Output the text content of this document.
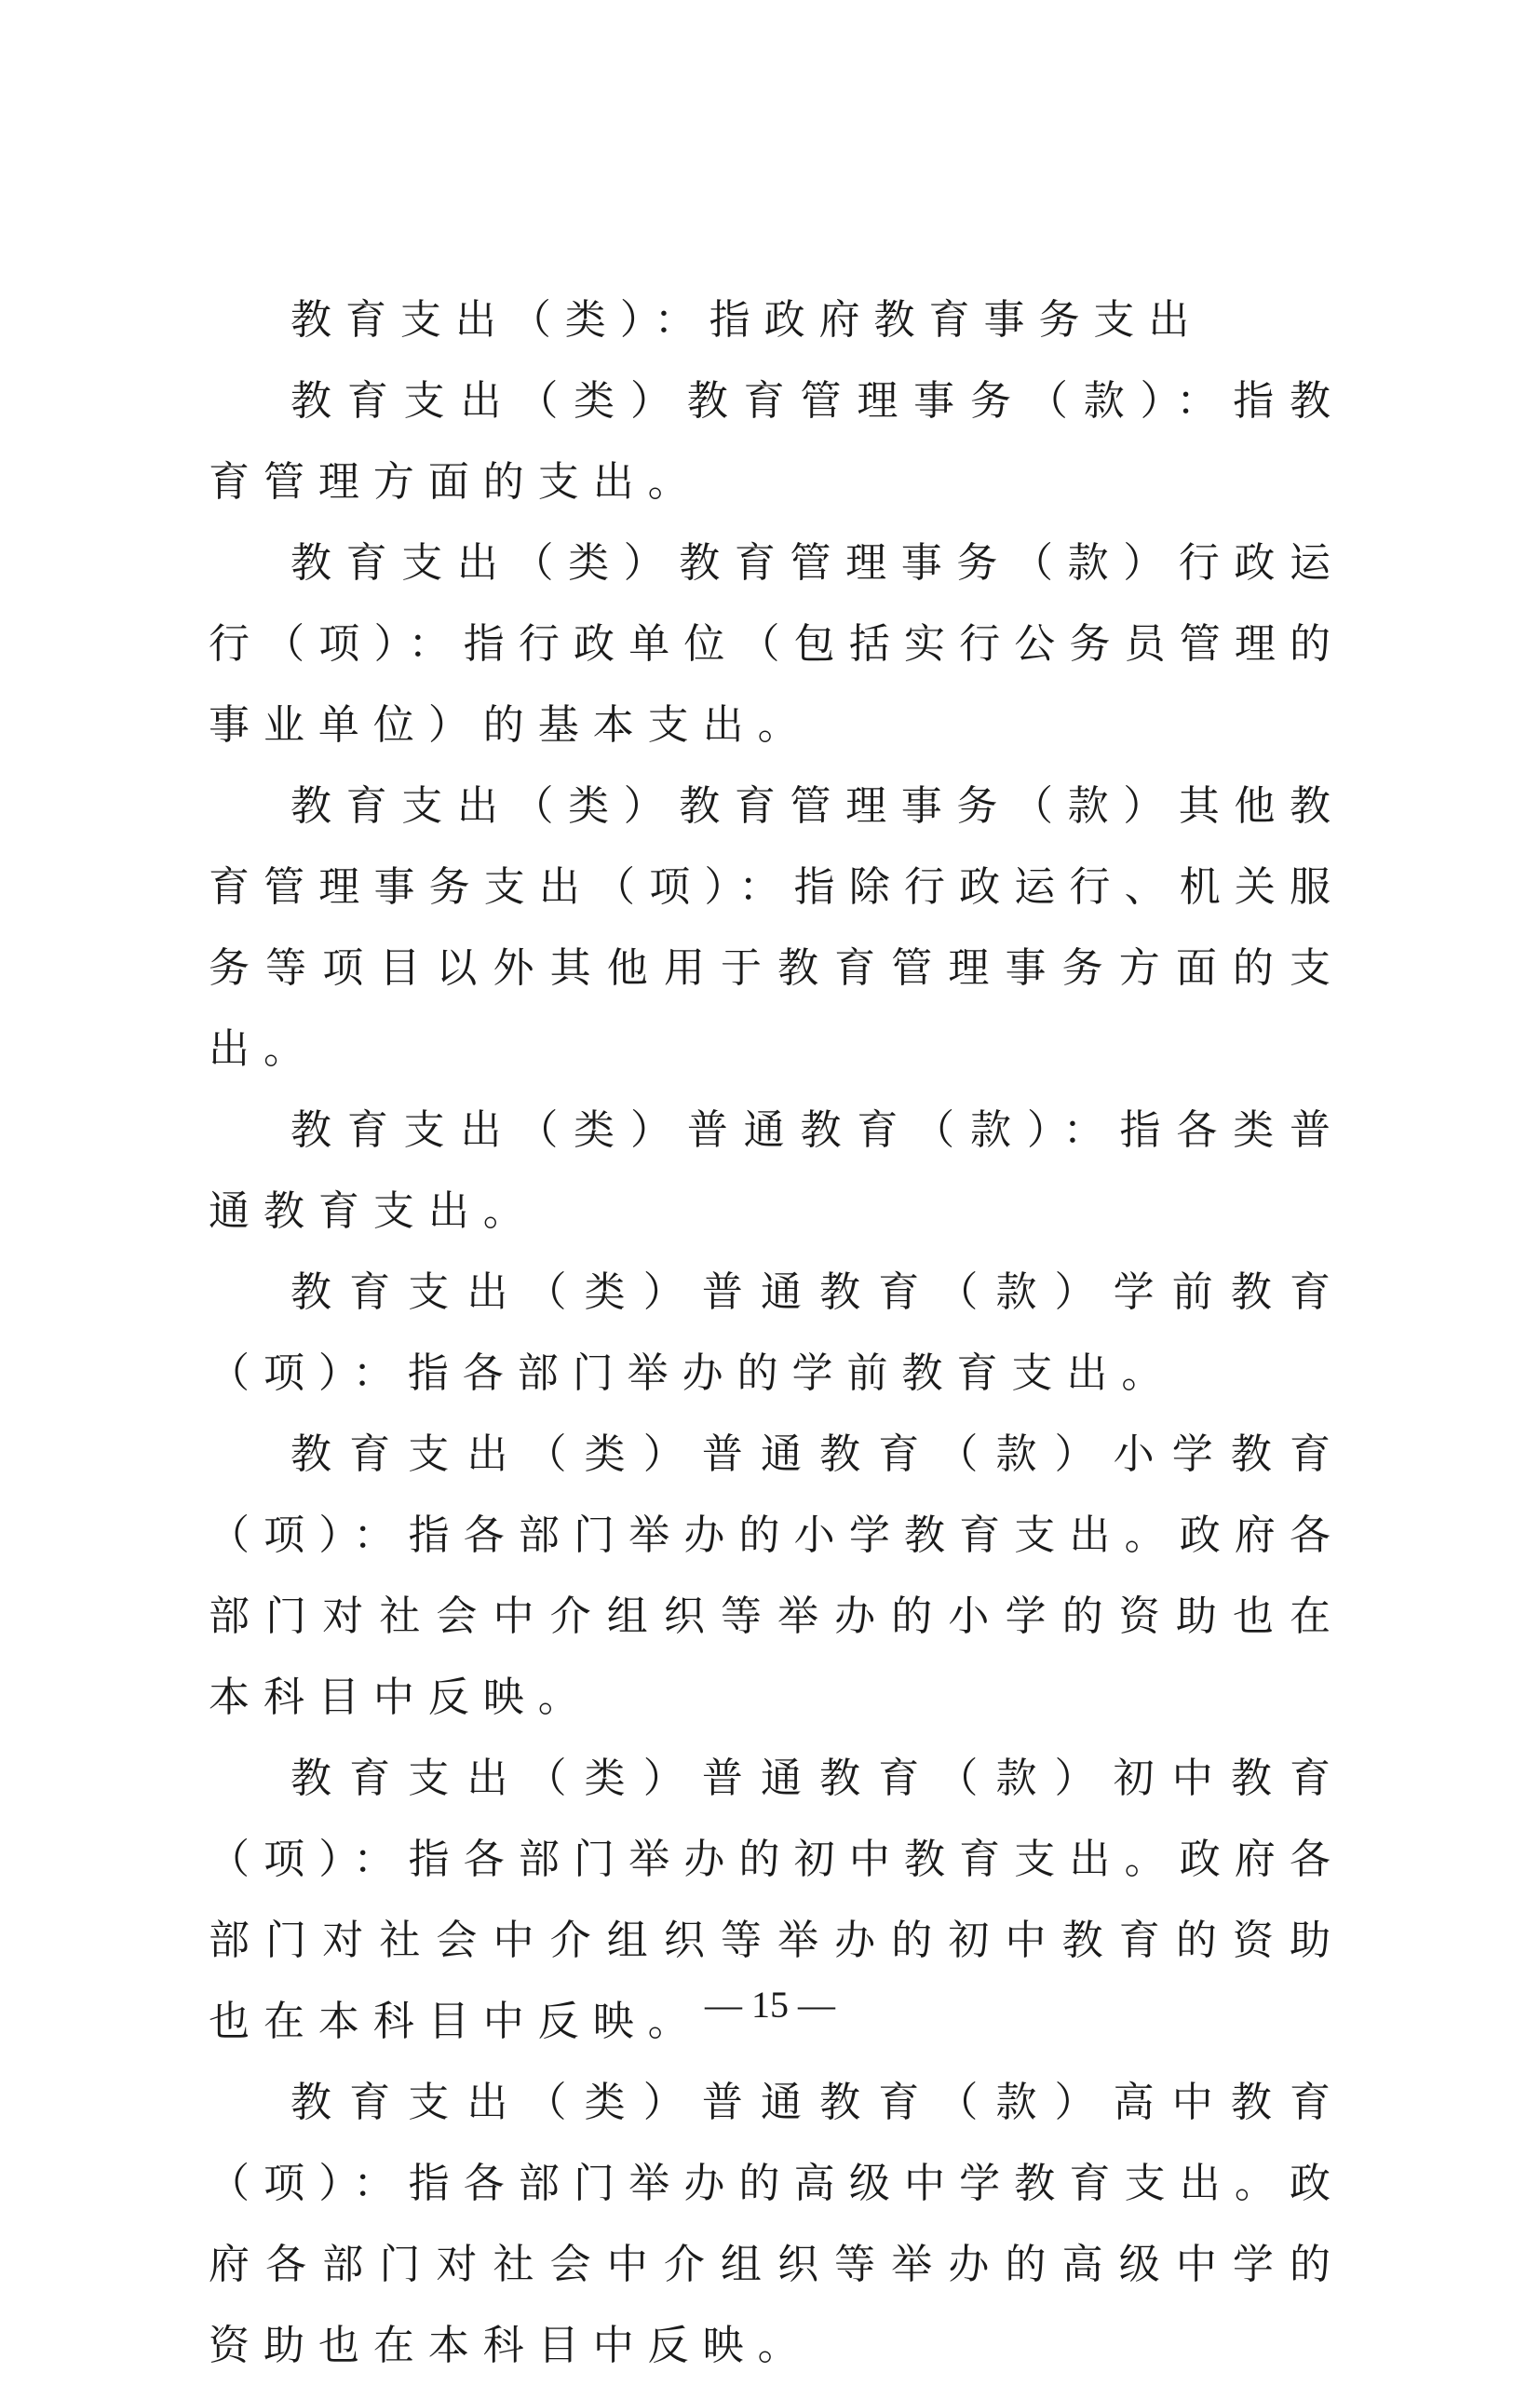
教育支出（类）：指政府教育事务支出

教育支出（类）教育管理事务（款）：指教育管理方面的支出。

教育支出（类）教育管理事务（款）行政运行（项）：指行政单位（包括实行公务员管理的事业单位）的基本支出。

教育支出（类）教育管理事务（款）其他教育管理事务支出（项）：指除行政运行、机关服务等项目以外其他用于教育管理事务方面的支出。

教育支出（类）普通教育（款）：指各类普通教育支出。

教育支出（类）普通教育（款）学前教育（项）：指各部门举办的学前教育支出。

教育支出（类）普通教育（款）小学教育（项）：指各部门举办的小学教育支出。政府各部门对社会中介组织等举办的小学的资助也在本科目中反映。

教育支出（类）普通教育（款）初中教育（项）：指各部门举办的初中教育支出。政府各部门对社会中介组织等举办的初中教育的资助也在本科目中反映。

教育支出（类）普通教育（款）高中教育（项）：指各部门举办的高级中学教育支出。政府各部门对社会中介组织等举办的高级中学的资助也在本科目中反映。

— 15 —
